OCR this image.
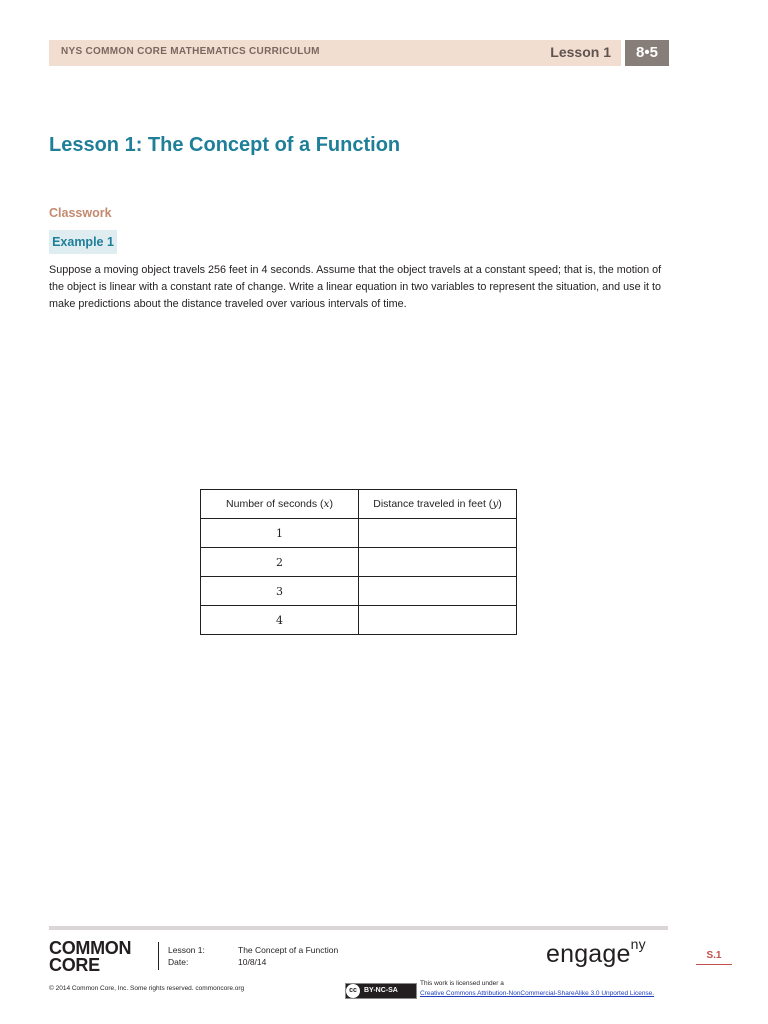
NYS COMMON CORE MATHEMATICS CURRICULUM	Lesson 1	8•5
Lesson 1: The Concept of a Function
Classwork
Example 1
Suppose a moving object travels 256 feet in 4 seconds. Assume that the object travels at a constant speed; that is, the motion of the object is linear with a constant rate of change. Write a linear equation in two variables to represent the situation, and use it to make predictions about the distance traveled over various intervals of time.
Number of seconds (x)	Distance traveled in feet (y)
1	
2	
3	
4	
COMMON
CORE
Lesson 1:	The Concept of a Function
Date:	10/8/14	engage$^{ny}$
S.1
© 2014 Common Core, Inc. Some rights reserved. commoncore.org	cc	BY-NC-SA
This work is licensed under a
Creative Commons Attribution-NonCommercial-ShareAlike 3.0 Unported License.
